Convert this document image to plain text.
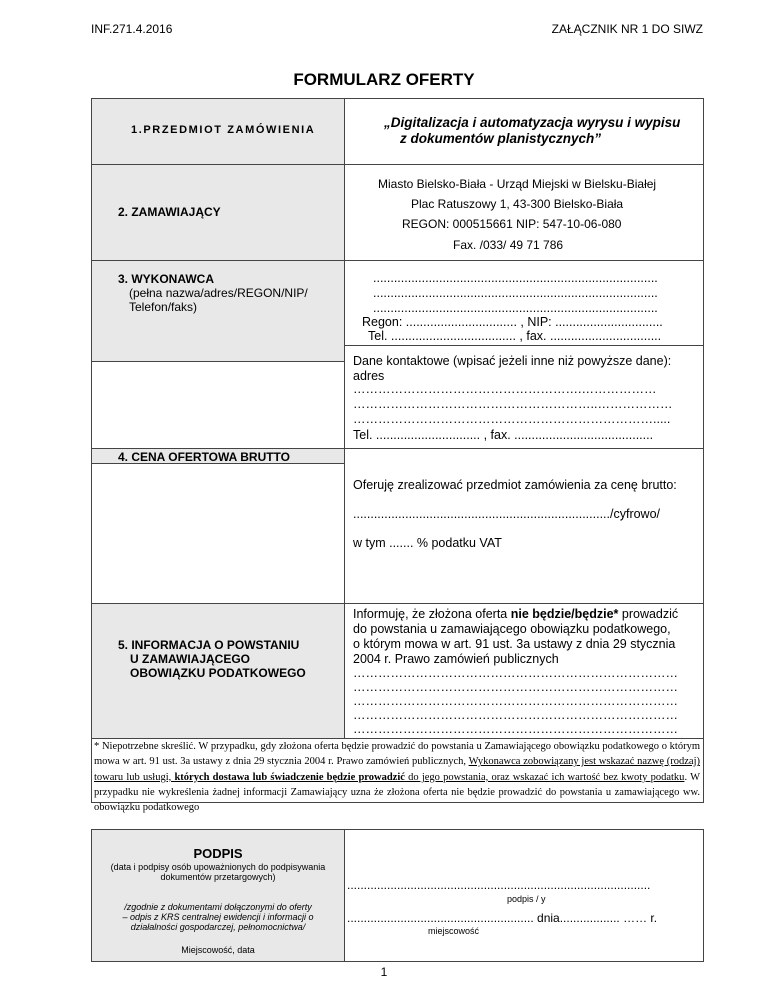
INF.271.4.2016	ZAŁĄCZNIK NR 1 DO SIWZ
FORMULARZ OFERTY
1.PRZEDMIOT ZAMÓWIENIA	„Digitalizacja i automatyzacja wyrysu i wypisu
z dokumentów planistycznych”
2. ZAMAWIAJĄCY
Miasto Bielsko-Biała - Urząd Miejski w Bielsku-Białej
Plac Ratuszowy 1, 43-300 Bielsko-Biała
REGON: 000515661 NIP: 547-10-06-080
Fax. /033/ 49 71 786
3. WYKONAWCA
(pełna nazwa/adres/REGON/NIP/
Telefon/faks)
..................................................................................
..................................................................................
..................................................................................
Regon: ................................ , NIP: ...............................
Tel. .................................... , fax. ................................
Dane kontaktowe (wpisać jeżeli inne niż powyższe dane):
adres
……………………………………………….………………
…………………………………………………..………………
……………………………………………………………….....
Tel. .............................. , fax. ........................................
4. CENA OFERTOWA BRUTTO
Oferuję zrealizować przedmiot zamówienia za cenę brutto:
........................................................................../cyfrowo/
w tym ....... % podatku VAT
5. INFORMACJA O POWSTANIU
U ZAMAWIAJĄCEGO
OBOWIĄZKU PODATKOWEGO
Informuję, że złożona oferta nie będzie/będzie* prowadzić
do powstania u zamawiającego obowiązku podatkowego,
o którym mowa w art. 91 ust. 3a ustawy z dnia 29 stycznia
2004 r. Prawo zamówień publicznych
……………………………………………………………………
……………………………………………………………………
……………………………………………………………………
……………………………………………………………………
……………………………………………………………………
* Niepotrzebne skreślić. W przypadku, gdy złożona oferta będzie prowadzić do powstania u Zamawiającego obowiązku podatkowego o którym mowa w art. 91 ust. 3a ustawy z dnia 29 stycznia 2004 r. Prawo zamówień publicznych, Wykonawca zobowiązany jest wskazać nazwę (rodzaj) towaru lub usługi, których dostawa lub świadczenie będzie prowadzić do jego powstania, oraz wskazać ich wartość bez kwoty podatku. W przypadku nie wykreślenia żadnej informacji Zamawiający uzna że złożona oferta nie będzie prowadzić do powstania u zamawiającego ww. obowiązku podatkowego
PODPIS
(data i podpisy osób upoważnionych do podpisywania
dokumentów przetargowych)
/zgodnie z dokumentami dołączonymi do oferty
– odpis z KRS centralnej ewidencji i informacji o
działalności gospodarczej, pełnomocnictwa/
Miejscowość, data
...........................................................................................
podpis / y
........................................................ dnia.................. …… r.
miejscowość
1
